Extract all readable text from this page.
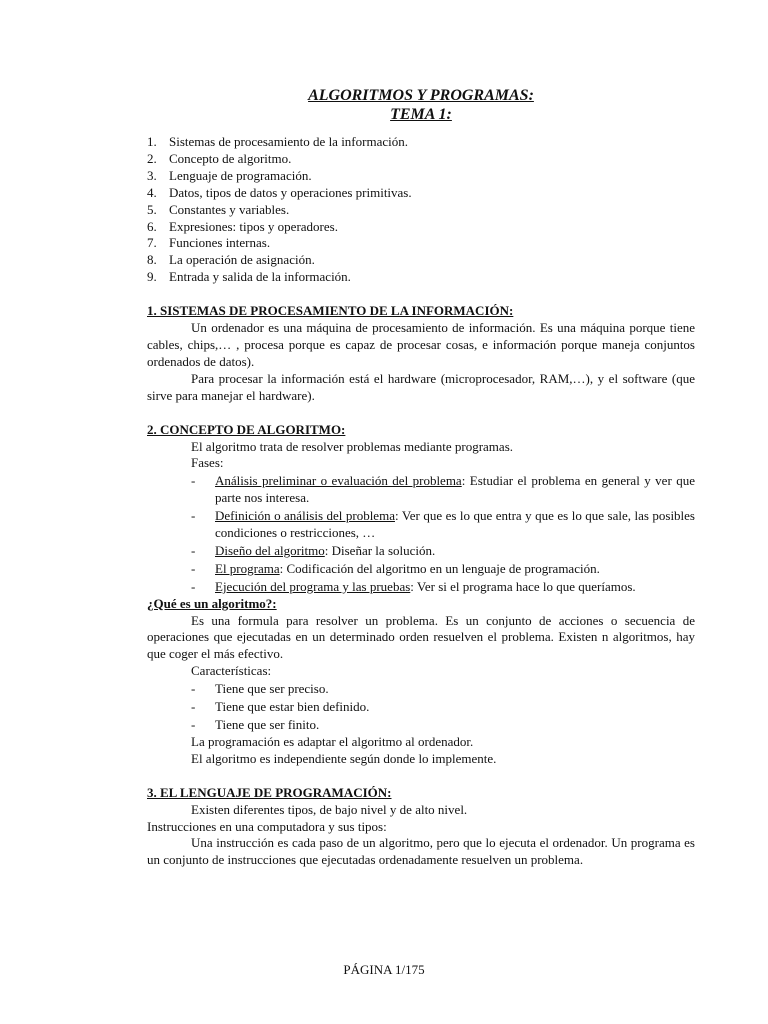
ALGORITMOS Y PROGRAMAS:

TEMA 1:

1. Sistemas de procesamiento de la información.
2. Concepto de algoritmo.
3. Lenguaje de programación.
4. Datos, tipos de datos y operaciones primitivas.
5. Constantes y variables.
6. Expresiones: tipos y operadores.
7. Funciones internas.
8. La operación de asignación.
9. Entrada y salida de la información.
1. SISTEMAS DE PROCESAMIENTO DE LA INFORMACIÓN:

Un ordenador es una máquina de procesamiento de información. Es una máquina porque tiene cables, chips,… , procesa porque es capaz de procesar cosas, e información porque maneja conjuntos ordenados de datos).

Para procesar la información está el hardware (microprocesador, RAM,…), y el software (que sirve para manejar el hardware).

2. CONCEPTO DE ALGORITMO:

El algoritmo trata de resolver problemas mediante programas.

Fases:

-	Análisis preliminar o evaluación del problema: Estudiar el problema en general y ver que parte nos interesa.
-	Definición o análisis del problema: Ver que es lo que entra y que es lo que sale, las posibles condiciones o restricciones, …
-	Diseño del algoritmo: Diseñar la solución.
-	El programa: Codificación del algoritmo en un lenguaje de programación.
-	Ejecución del programa y las pruebas: Ver si el programa hace lo que queríamos.
¿Qué es un algoritmo?:

Es una formula para resolver un problema. Es un conjunto de acciones o secuencia de operaciones que ejecutadas en un determinado orden resuelven el problema. Existen n algoritmos, hay que coger el más efectivo.

Características:

-	Tiene que ser preciso.
-	Tiene que estar bien definido.
-	Tiene que ser finito.

La programación es adaptar el algoritmo al ordenador.

El algoritmo es independiente según donde lo implemente.

3. EL LENGUAJE DE PROGRAMACIÓN:

Existen diferentes tipos, de bajo nivel y de alto nivel.

Instrucciones en una computadora y sus tipos:

Una instrucción es cada paso de un algoritmo, pero que lo ejecuta el ordenador. Un programa es un conjunto de instrucciones que ejecutadas ordenadamente resuelven un problema.

PÁGINA 1/175
